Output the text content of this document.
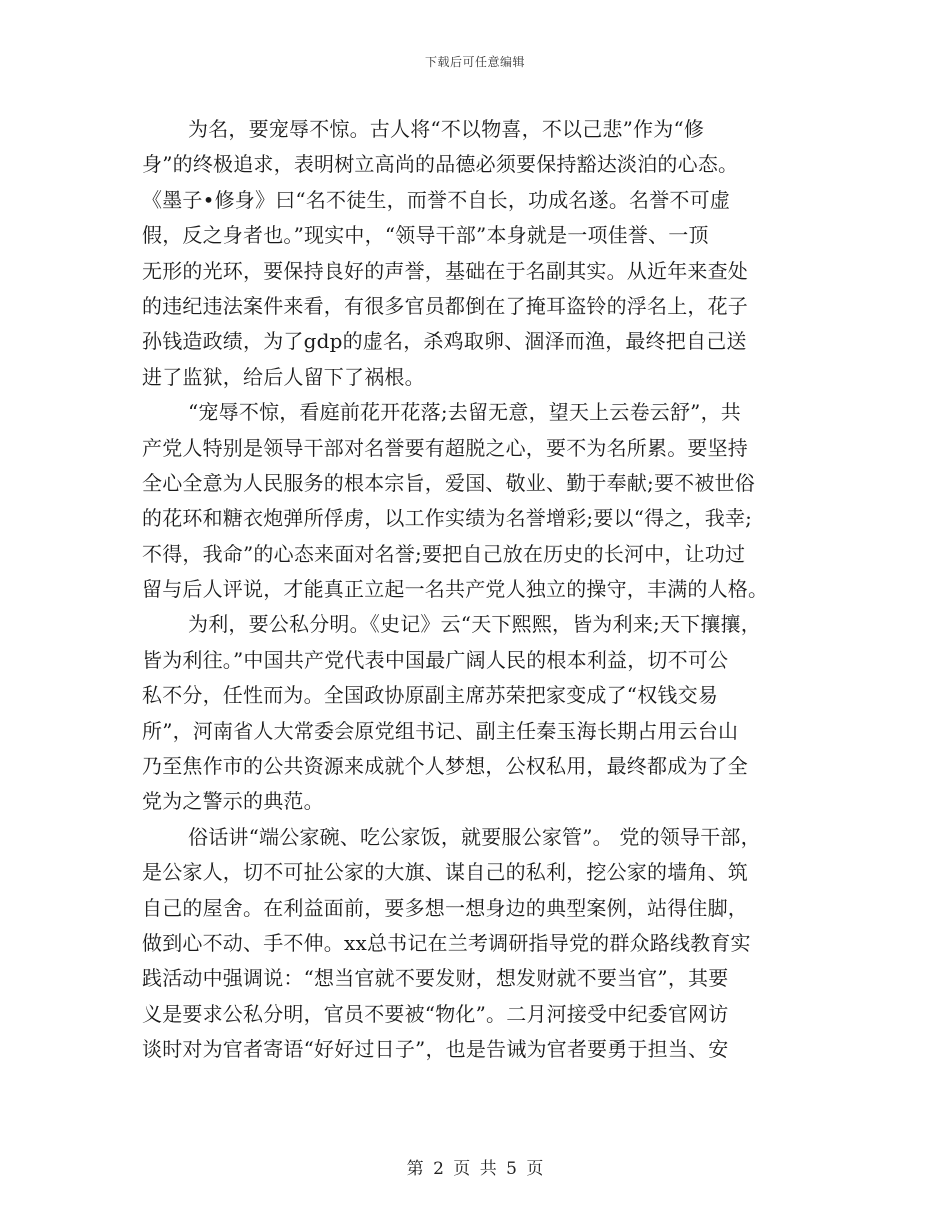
下载后可任意编辑
为名，要宠辱不惊。古人将“不以物喜，不以己悲”作为“修
身”的终极追求，表明树立高尚的品德必须要保持豁达淡泊的心态。
《墨子•修身》曰“名不徒生，而誉不自长，功成名遂。名誉不可虚
假，反之身者也。”现实中，“领导干部”本身就是一项佳誉、一顶
无形的光环，要保持良好的声誉，基础在于名副其实。从近年来查处
的违纪违法案件来看，有很多官员都倒在了掩耳盗铃的浮名上，花子
孙钱造政绩，为了gdp的虚名，杀鸡取卵、涸泽而渔，最终把自己送
进了监狱，给后人留下了祸根。
“宠辱不惊，看庭前花开花落;去留无意，望天上云卷云舒”，共
产党人特别是领导干部对名誉要有超脱之心，要不为名所累。要坚持
全心全意为人民服务的根本宗旨，爱国、敬业、勤于奉献;要不被世俗
的花环和糖衣炮弹所俘虏，以工作实绩为名誉增彩;要以“得之，我幸;
不得，我命”的心态来面对名誉;要把自己放在历史的长河中，让功过
留与后人评说，才能真正立起一名共产党人独立的操守，丰满的人格。
为利，要公私分明。《史记》云“天下熙熙，皆为利来;天下攘攘，
皆为利往。”中国共产党代表中国最广阔人民的根本利益，切不可公
私不分，任性而为。全国政协原副主席苏荣把家变成了“权钱交易
所”，河南省人大常委会原党组书记、副主任秦玉海长期占用云台山
乃至焦作市的公共资源来成就个人梦想，公权私用，最终都成为了全
党为之警示的典范。
俗话讲“端公家碗、吃公家饭，就要服公家管”。 党的领导干部，
是公家人，切不可扯公家的大旗、谋自己的私利，挖公家的墙角、筑
自己的屋舍。在利益面前，要多想一想身边的典型案例，站得住脚，
做到心不动、手不伸。xx总书记在兰考调研指导党的群众路线教育实
践活动中强调说：“想当官就不要发财，想发财就不要当官”，其要
义是要求公私分明，官员不要被“物化”。二月河接受中纪委官网访
谈时对为官者寄语“好好过日子”，也是告诫为官者要勇于担当、安
第 2 页 共 5 页
